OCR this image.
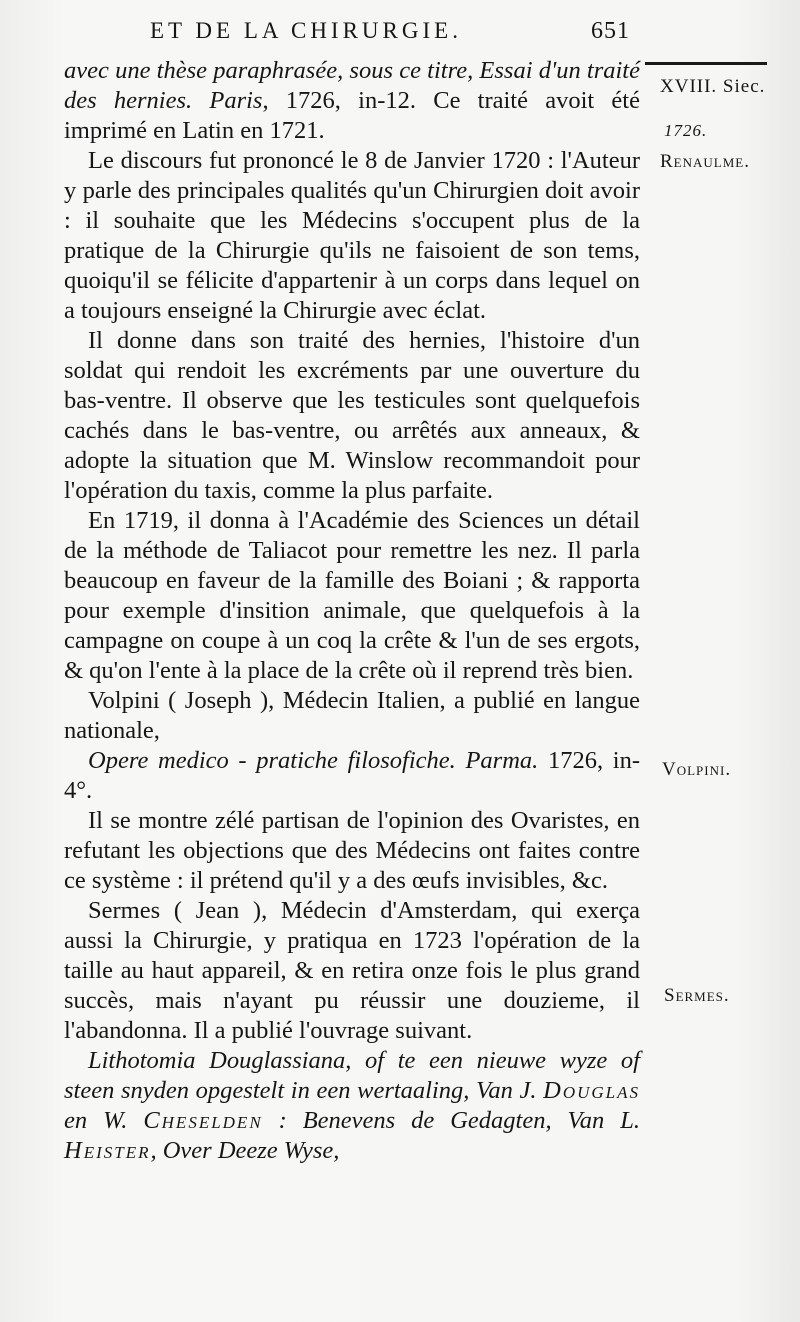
ET DE LA CHIRURGIE.	651
XVIII. Siec.
1726.
Renaulme.
Volpini.
Sermes.

avec une thèse paraphrasée, sous ce titre, Essai d'un traité des hernies. Paris, 1726, in-12. Ce traité avoit été imprimé en Latin en 1721.

Le discours fut prononcé le 8 de Janvier 1720 : l'Auteur y parle des principales qualités qu'un Chirurgien doit avoir : il souhaite que les Médecins s'occupent plus de la pratique de la Chirurgie qu'ils ne faisoient de son tems, quoiqu'il se félicite d'appartenir à un corps dans lequel on a toujours enseigné la Chirurgie avec éclat.

Il donne dans son traité des hernies, l'histoire d'un soldat qui rendoit les excréments par une ouverture du bas-ventre. Il observe que les testicules sont quelquefois cachés dans le bas-ventre, ou arrêtés aux anneaux, & adopte la situation que M. Winslow recommandoit pour l'opération du taxis, comme la plus parfaite.

En 1719, il donna à l'Académie des Sciences un détail de la méthode de Taliacot pour remettre les nez. Il parla beaucoup en faveur de la famille des Boiani ; & rapporta pour exemple d'insition animale, que quelquefois à la campagne on coupe à un coq la crête & l'un de ses ergots, & qu'on l'ente à la place de la crête où il reprend très bien.

Volpini ( Joseph ), Médecin Italien, a publié en langue nationale,

Opere medico - pratiche filosofiche. Parma. 1726, in-4°.

Il se montre zélé partisan de l'opinion des Ovaristes, en refutant les objections que des Médecins ont faites contre ce système : il prétend qu'il y a des œufs invisibles, &c.

Sermes ( Jean ), Médecin d'Amsterdam, qui exerça aussi la Chirurgie, y pratiqua en 1723 l'opération de la taille au haut appareil, & en retira onze fois le plus grand succès, mais n'ayant pu réussir une douzieme, il l'abandonna. Il a publié l'ouvrage suivant.

Lithotomia Douglassiana, of te een nieuwe wyze of steen snyden opgestelt in een wertaaling, Van J. Douglas en W. Cheselden : Benevens de Gedagten, Van L. Heister, Over Deeze Wyse,
